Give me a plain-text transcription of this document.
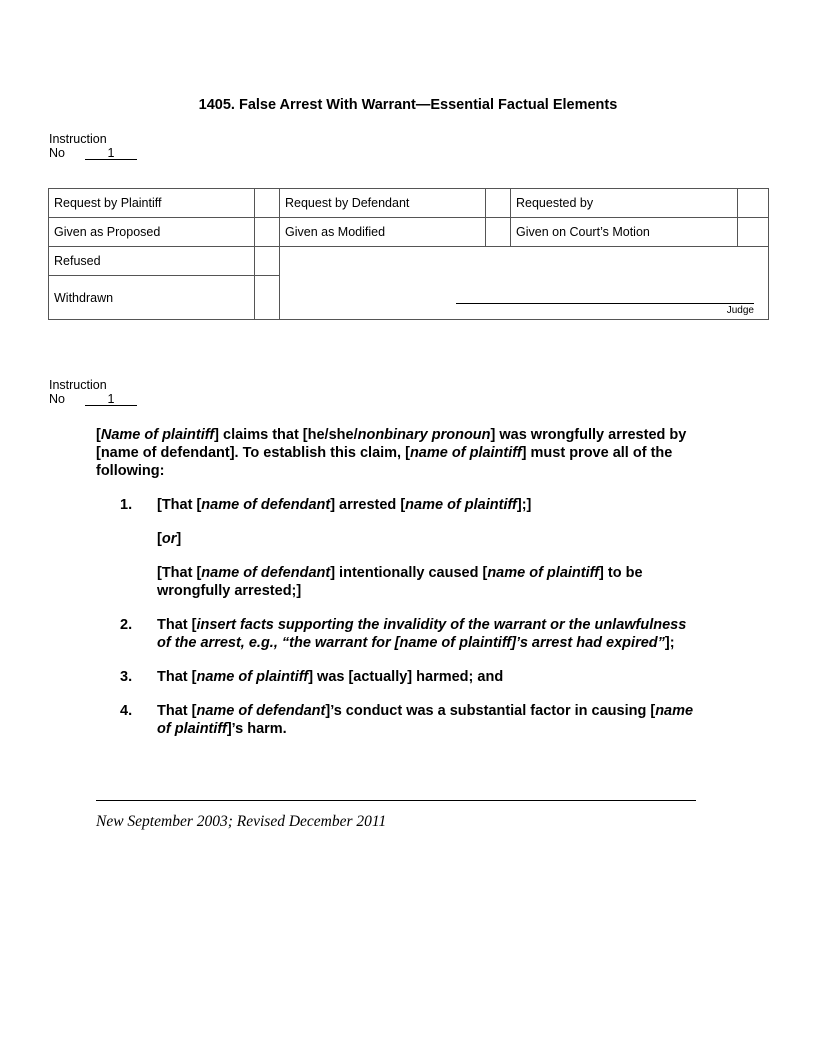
1405. False Arrest With Warrant—Essential Factual Elements
Instruction
No	1
Request by Plaintiff		Request by Defendant		Requested by	
Given as Proposed		Given as Modified		Given on Court’s Motion	
Refused		Judge			

Withdrawn					
Instruction
No	1

[Name of plaintiff] claims that [he/she/nonbinary pronoun] was wrongfully arrested by [name of defendant]. To establish this claim, [name of plaintiff] must prove all of the following:

1.	[That [name of defendant] arrested [name of plaintiff];]
[or]
[That [name of defendant] intentionally caused [name of plaintiff] to be wrongfully arrested;]
2.	That [insert facts supporting the invalidity of the warrant or the unlawfulness of the arrest, e.g., “the warrant for [name of plaintiff]’s arrest had expired”];
3.	That [name of plaintiff] was [actually] harmed; and
4.	That [name of defendant]’s conduct was a substantial factor in causing [name of plaintiff]’s harm.
New September 2003; Revised December 2011
